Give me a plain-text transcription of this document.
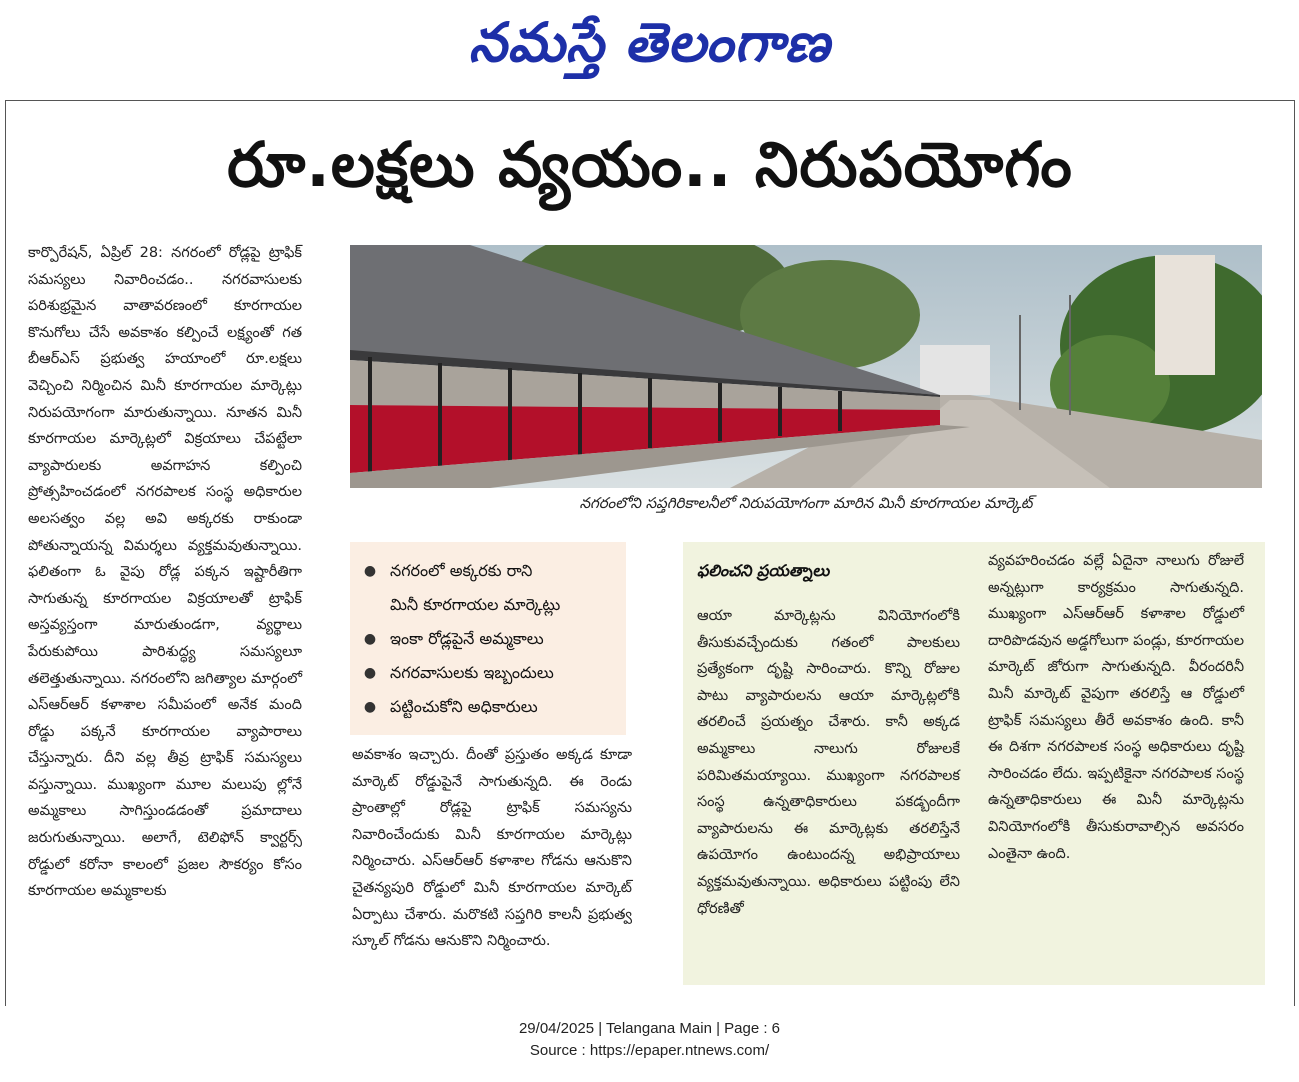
నమస్తే తెలంగాణ
రూ.లక్షలు వ్యయం.. నిరుపయోగం
కార్పొరేషన్, ఏప్రిల్ 28: నగరంలో రోడ్లపై ట్రాఫిక్ సమస్యలు నివారించడం.. నగరవాసులకు పరిశుభ్రమైన వాతావరణంలో కూరగాయల కొనుగోలు చేసే అవకాశం కల్పించే లక్ష్యంతో గత బీఆర్‌ఎస్ ప్రభుత్వ హయాంలో రూ.లక్షలు వెచ్చించి నిర్మించిన మినీ కూరగాయల మార్కెట్లు నిరుపయోగంగా మారుతున్నాయి. నూతన మినీ కూరగాయల మార్కెట్లలో విక్రయాలు చేపట్టేలా వ్యాపారులకు అవగాహన కల్పించి ప్రోత్సహించడంలో నగరపాలక సంస్థ అధికారుల అలసత్వం వల్ల అవి అక్కరకు రాకుండా పోతున్నాయన్న విమర్శలు వ్యక్తమవుతున్నాయి. ఫలితంగా ఓ వైపు రోడ్ల పక్కన ఇష్టారీతిగా సాగుతున్న కూరగాయల విక్రయాలతో ట్రాఫిక్ అస్తవ్యస్తంగా మారుతుండగా, వ్యర్థాలు పేరుకుపోయి పారిశుద్ధ్య సమస్యలూ తలెత్తుతున్నాయి. నగరంలోని జగిత్యాల మార్గంలో ఎస్‌ఆర్‌ఆర్ కళాశాల సమీపంలో అనేక మంది రోడ్డు పక్కనే కూరగాయల వ్యాపారాలు చేస్తున్నారు. దీని వల్ల తీవ్ర ట్రాఫిక్ సమస్యలు వస్తున్నాయి. ముఖ్యంగా మూల మలుపు ల్లోనే అమ్మకాలు సాగిస్తుండడంతో ప్రమాదాలు జరుగుతున్నాయి. అలాగే, టెలిఫోన్ క్వార్టర్స్ రోడ్డులో కరోనా కాలంలో ప్రజల సౌకర్యం కోసం కూరగాయల అమ్మకాలకు
నగరంలోని సప్తగిరికాలనీలో నిరుపయోగంగా మారిన మినీ కూరగాయల మార్కెట్
● నగరంలో అక్కరకు రాని
మినీ కూరగాయల మార్కెట్లు
● ఇంకా రోడ్లపైనే అమ్మకాలు
● నగరవాసులకు ఇబ్బందులు
● పట్టించుకోని అధికారులు
అవకాశం ఇచ్చారు. దీంతో ప్రస్తుతం అక్కడ కూడా మార్కెట్ రోడ్డుపైనే సాగుతున్నది. ఈ రెండు ప్రాంతాల్లో రోడ్లపై ట్రాఫిక్ సమస్యను నివారించేందుకు మినీ కూరగాయల మార్కెట్లు నిర్మించారు. ఎస్‌ఆర్‌ఆర్ కళాశాల గోడను ఆనుకొని చైతన్యపురి రోడ్డులో మినీ కూరగాయల మార్కెట్ ఏర్పాటు చేశారు. మరొకటి సప్తగిరి కాలనీ ప్రభుత్వ స్కూల్ గోడను ఆనుకొని నిర్మించారు.
ఫలించని ప్రయత్నాలు
ఆయా మార్కెట్లను వినియోగంలోకి తీసుకువచ్చేందుకు గతంలో పాలకులు ప్రత్యేకంగా దృష్టి సారించారు. కొన్ని రోజుల పాటు వ్యాపారులను ఆయా మార్కెట్లలోకి తరలించే ప్రయత్నం చేశారు. కానీ అక్కడ అమ్మకాలు నాలుగు రోజులకే పరిమితమయ్యాయి. ముఖ్యంగా నగరపాలక సంస్థ ఉన్నతాధికారులు పకడ్బందీగా వ్యాపారులను ఈ మార్కెట్లకు తరలిస్తేనే ఉపయోగం ఉంటుందన్న అభిప్రాయాలు వ్యక్తమవుతున్నాయి. అధికారులు పట్టింపు లేని ధోరణితో
వ్యవహరించడం వల్లే ఏదైనా నాలుగు రోజులే అన్నట్లుగా కార్యక్రమం సాగుతున్నది. ముఖ్యంగా ఎస్‌ఆర్‌ఆర్ కళాశాల రోడ్డులో దారిపొడవున అడ్డగోలుగా పండ్లు, కూరగాయల మార్కెట్ జోరుగా సాగుతున్నది. వీరందరినీ మినీ మార్కెట్ వైపుగా తరలిస్తే ఆ రోడ్డులో ట్రాఫిక్ సమస్యలు తీరే అవకాశం ఉంది. కానీ ఈ దిశగా నగరపాలక సంస్థ అధికారులు దృష్టి సారించడం లేదు. ఇప్పటికైనా నగరపాలక సంస్థ ఉన్నతాధికారులు ఈ మినీ మార్కెట్లను వినియోగంలోకి తీసుకురావాల్సిన అవసరం ఎంతైనా ఉంది.
29/04/2025 | Telangana Main | Page : 6
Source : https://epaper.ntnews.com/
